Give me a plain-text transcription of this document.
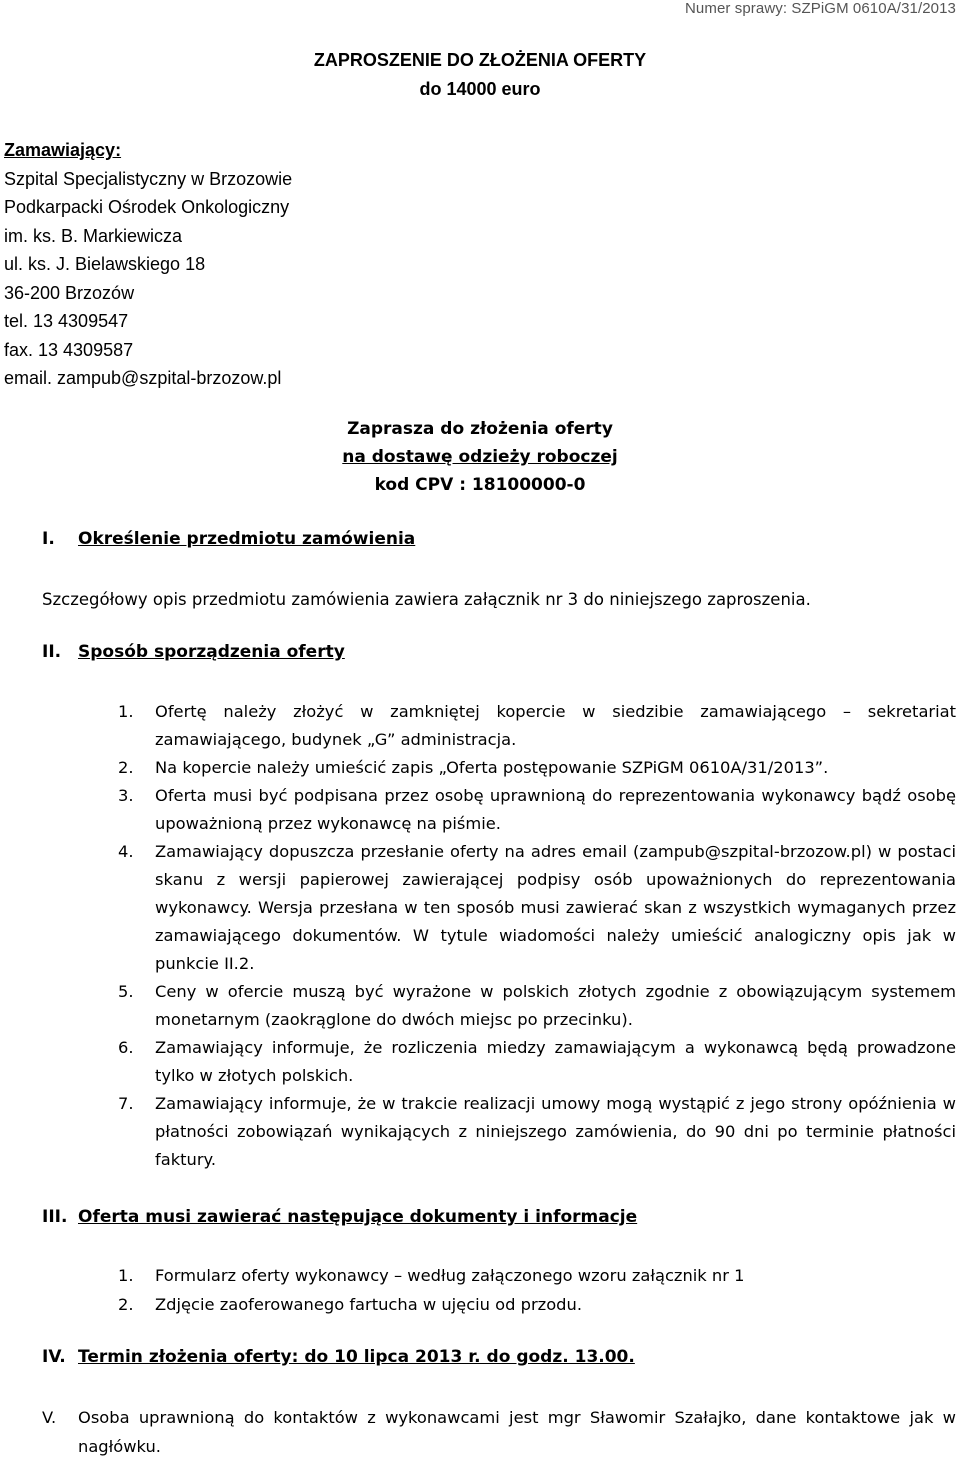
Numer sprawy: SZPiGM 0610A/31/2013
ZAPROSZENIE DO ZŁOŻENIA OFERTY
do 14000 euro
Zamawiający:
Szpital Specjalistyczny w Brzozowie
Podkarpacki Ośrodek Onkologiczny
im. ks. B. Markiewicza
ul. ks. J. Bielawskiego 18
36-200 Brzozów
tel. 13 4309547
fax. 13 4309587
email. zampub@szpital-brzozow.pl
Zaprasza do złożenia oferty
na dostawę odzieży roboczej
kod CPV : 18100000-0
I. Określenie przedmiotu zamówienia
Szczegółowy opis przedmiotu zamówienia zawiera załącznik nr 3 do niniejszego zaproszenia.
II. Sposób sporządzenia oferty

1. Ofertę należy złożyć w zamkniętej kopercie w siedzibie zamawiającego – sekretariat zamawiającego, budynek „G” administracja.

2. Na kopercie należy umieścić zapis „Oferta postępowanie SZPiGM 0610A/31/2013”.

3. Oferta musi być podpisana przez osobę uprawnioną do reprezentowania wykonawcy bądź osobę upoważnioną przez wykonawcę na piśmie.

4. Zamawiający dopuszcza przesłanie oferty na adres email (zampub@szpital-brzozow.pl) w postaci skanu z wersji papierowej zawierającej podpisy osób upoważnionych do reprezentowania wykonawcy. Wersja przesłana w ten sposób musi zawierać skan z wszystkich wymaganych przez zamawiającego dokumentów. W tytule wiadomości należy umieścić analogiczny opis jak w punkcie II.2.

5. Ceny w ofercie muszą być wyrażone w polskich złotych zgodnie z obowiązującym systemem monetarnym (zaokrąglone do dwóch miejsc po przecinku).

6. Zamawiający informuje, że rozliczenia miedzy zamawiającym a wykonawcą będą prowadzone tylko w złotych polskich.

7. Zamawiający informuje, że w trakcie realizacji umowy mogą wystąpić z jego strony opóźnienia w płatności zobowiązań wynikających z niniejszego zamówienia, do 90 dni po terminie płatności faktury.

III. Oferta musi zawierać następujące dokumenty i informacje

1. Formularz oferty wykonawcy – według załączonego wzoru załącznik nr 1

2. Zdjęcie zaoferowanego fartucha w ujęciu od przodu.

IV. Termin złożenia oferty: do 10 lipca 2013 r. do godz. 13.00.

V. Osoba uprawnioną do kontaktów z wykonawcami jest mgr Sławomir Szałajko, dane kontaktowe jak w nagłówku.
